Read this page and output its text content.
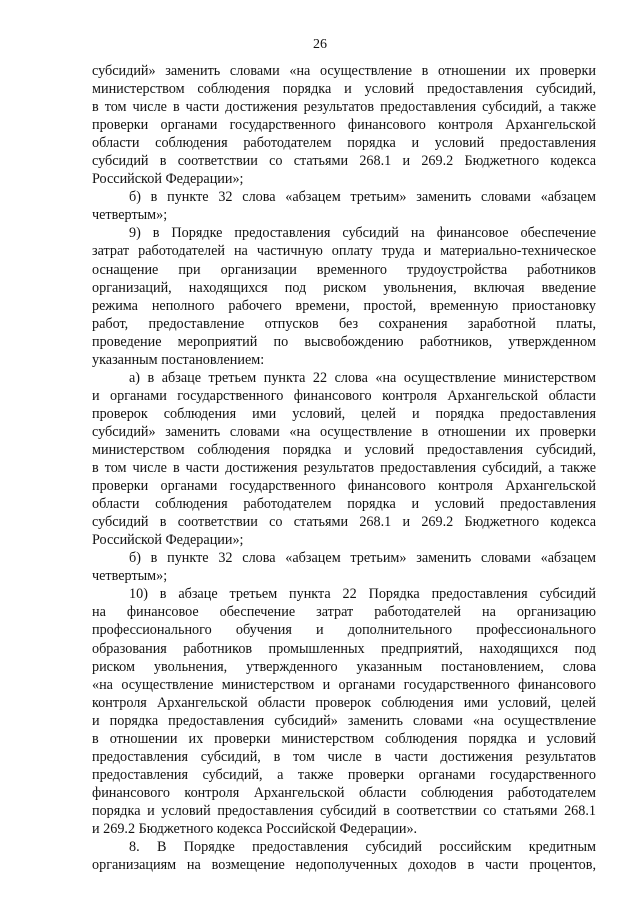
26
субсидий» заменить словами «на осуществление в отношении их проверки
министерством соблюдения порядка и условий предоставления субсидий,
в том числе в части достижения результатов предоставления субсидий, а также
проверки органами государственного финансового контроля Архангельской
области соблюдения работодателем порядка и условий предоставления
субсидий в соответствии со статьями 268.1 и 269.2 Бюджетного кодекса
Российской Федерации»;
б) в пункте 32 слова «абзацем третьим» заменить словами «абзацем
четвертым»;
9) в Порядке предоставления субсидий на финансовое обеспечение
затрат работодателей на частичную оплату труда и материально-техническое
оснащение при организации временного трудоустройства работников
организаций, находящихся под риском увольнения, включая введение
режима неполного рабочего времени, простой, временную приостановку
работ, предоставление отпусков без сохранения заработной платы,
проведение мероприятий по высвобождению работников, утвержденном
указанным постановлением:
а) в абзаце третьем пункта 22 слова «на осуществление министерством
и органами государственного финансового контроля Архангельской области
проверок соблюдения ими условий, целей и порядка предоставления
субсидий» заменить словами «на осуществление в отношении их проверки
министерством соблюдения порядка и условий предоставления субсидий,
в том числе в части достижения результатов предоставления субсидий, а также
проверки органами государственного финансового контроля Архангельской
области соблюдения работодателем порядка и условий предоставления
субсидий в соответствии со статьями 268.1 и 269.2 Бюджетного кодекса
Российской Федерации»;
б) в пункте 32 слова «абзацем третьим» заменить словами «абзацем
четвертым»;
10) в абзаце третьем пункта 22 Порядка предоставления субсидий
на финансовое обеспечение затрат работодателей на организацию
профессионального обучения и дополнительного профессионального
образования работников промышленных предприятий, находящихся под
риском увольнения, утвержденного указанным постановлением, слова
«на осуществление министерством и органами государственного финансового
контроля Архангельской области проверок соблюдения ими условий, целей
и порядка предоставления субсидий» заменить словами «на осуществление
в отношении их проверки министерством соблюдения порядка и условий
предоставления субсидий, в том числе в части достижения результатов
предоставления субсидий, а также проверки органами государственного
финансового контроля Архангельской области соблюдения работодателем
порядка и условий предоставления субсидий в соответствии со статьями 268.1
и 269.2 Бюджетного кодекса Российской Федерации».
8. В Порядке предоставления субсидий российским кредитным
организациям на возмещение недополученных доходов в части процентов,
